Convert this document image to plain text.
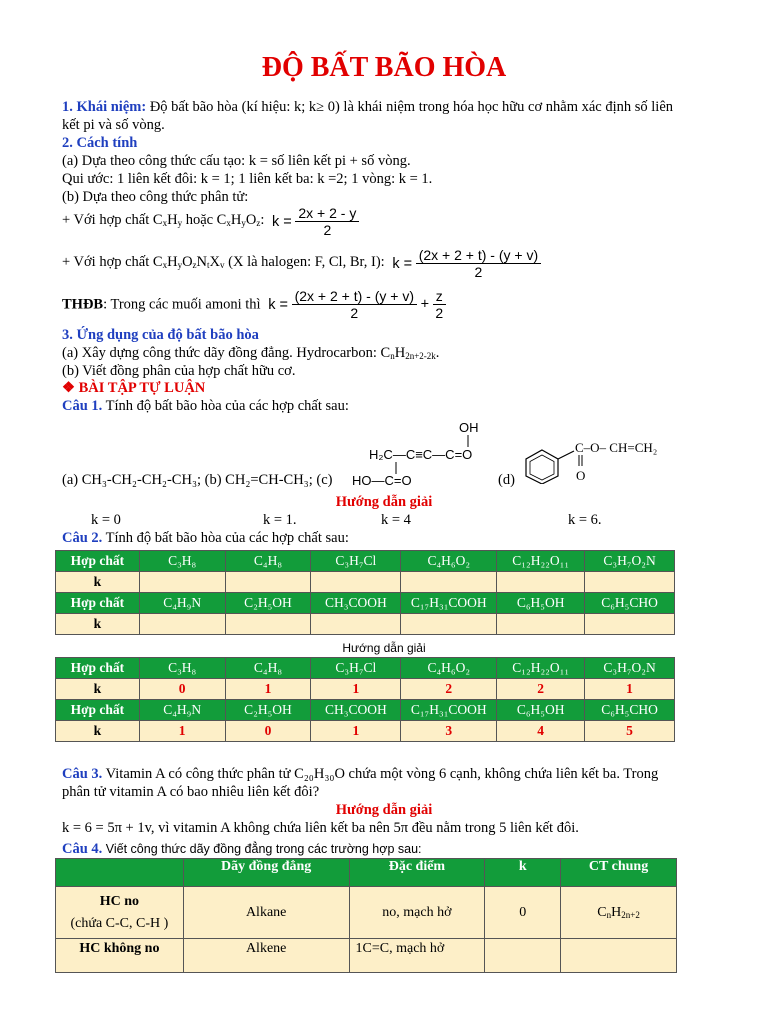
ĐỘ BẤT BÃO HÒA
1. Khái niệm: Độ bất bão hòa (kí hiệu: k; k≥ 0) là khái niệm trong hóa học hữu cơ nhằm xác định số liên
kết pi và số vòng.
2. Cách tính
(a) Dựa theo công thức cấu tạo: k = số liên kết pi + số vòng.
Qui ước: 1 liên kết đôi: k = 1; 1 liên kết ba: k =2; 1 vòng: k = 1.
(b) Dựa theo công thức phân tử:
+ Với hợp chất $C_xH_y$ hoặc $C_xH_yO_z$: $k = \frac{2x + 2 - y}{2}$
+ Với hợp chất $C_xH_yO_zN_tX_v$ (X là halogen: F, Cl, Br, I): $k = \frac{(2x + 2 + t) - (y + v)}{2}$
THĐB: Trong các muối amoni thì $k = \frac{(2x + 2 + t) - (y + v)}{2} + \frac{z}{2}$
3. Ứng dụng của độ bất bão hòa
(a) Xây dựng công thức dãy đồng đẳng. Hydrocarbon: $C_nH_{2n+2-2k}$.
(b) Viết đồng phân của hợp chất hữu cơ.
❖ BÀI TẬP TỰ LUẬN
Câu 1. Tính độ bất bão hòa của các hợp chất sau:
OH
H₂C—C≡C—C=O
HO—C=O
(a) CH₃-CH₂-CH₂-CH₃; (b) CH₂=CH-CH₃; (c)	(d)
C–O– CH=CH₂
O
Hướng dẫn giải
k = 0	k = 1.	k = 4	k = 6.
Câu 2. Tính độ bất bão hòa của các hợp chất sau:
Hợp chất	C₃H₈	C₄H₈	C₃H₇Cl	C₄H₆O₂	C₁₂H₂₂O₁₁	C₃H₇O₂N
k						
Hợp chất	C₄H₉N	C₂H₅OH	CH₃COOH	C₁₇H₃₁COOH	C₆H₅OH	C₆H₅CHO
k						
Hướng dẫn giải
Hợp chất	C₃H₈	C₄H₈	C₃H₇Cl	C₄H₆O₂	C₁₂H₂₂O₁₁	C₃H₇O₂N
k	0	1	1	2	2	1
Hợp chất	C₄H₉N	C₂H₅OH	CH₃COOH	C₁₇H₃₁COOH	C₆H₅OH	C₆H₅CHO
k	1	0	1	3	4	5
Câu 3. Vitamin A có công thức phân tử C₂₀H₃₀O chứa một vòng 6 cạnh, không chứa liên kết ba. Trong
phân tử vitamin A có bao nhiêu liên kết đôi?
Hướng dẫn giải
k = 6 = 5π + 1v, vì vitamin A không chứa liên kết ba nên 5π đều nằm trong 5 liên kết đôi.
Câu 4. Viết công thức dãy đồng đẳng trong các trường hợp sau:
	Dãy đồng đẳng	Đặc điểm	k	CT chung

HC no
(chứa C-C, C-H )	Alkane	no, mạch hở	0	$C_nH_{2n+2}$
HC không no	Alkene	1C=C, mạch hở		
